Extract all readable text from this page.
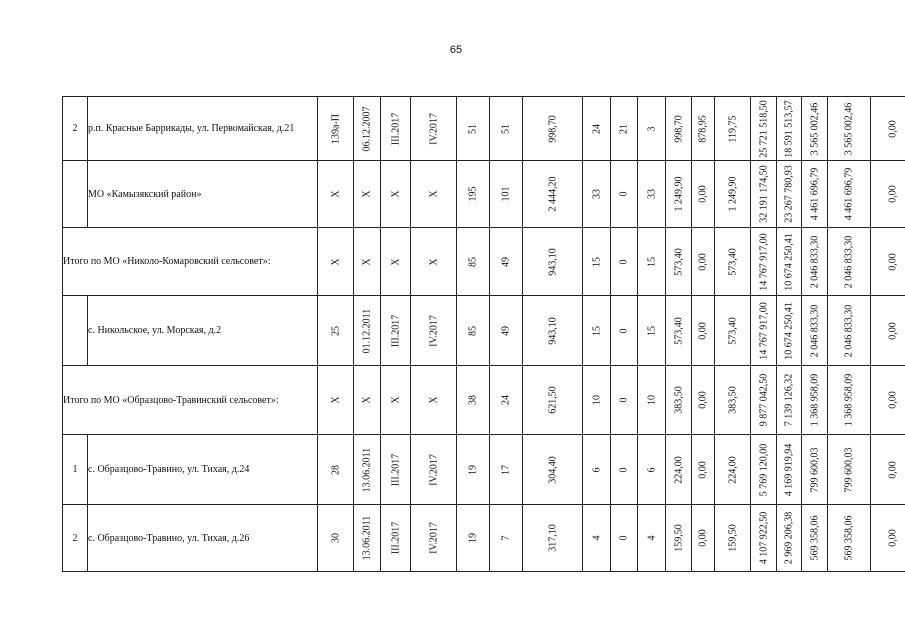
65
2	р.п. Красные Баррикады, ул. Первомайская, д.21	139а-П	06.12.2007	III.2017	IV.2017	51	51	998,70	24	21	3	998,70	878,95	119,75	25 721 518,50	18 591 513,57	3 565 002,46	3 565 002,46	0,00

	МО «Камызякский район»	X	X	X	X	195	101	2 444,20	33	0	33	1 249,90	0,00	1 249,90	32 191 174,50	23 267 780,93	4 461 696,79	4 461 696,79	0,00

Итого по МО «Николо-Комаровский сельсовет»:		X	X	X	X	85	49	943,10	15	0	15	573,40	0,00	573,40	14 767 917,00	10 674 250,41	2 046 833,30	2 046 833,30	0,00

	с. Никольское, ул. Морская, д.2	25	01.12.2011	III.2017	IV.2017	85	49	943,10	15	0	15	573,40	0,00	573,40	14 767 917,00	10 674 250,41	2 046 833,30	2 046 833,30	0,00

Итого по МО «Образцово-Травинский сельсовет»:		X	X	X	X	38	24	621,50	10	0	10	383,50	0,00	383,50	9 877 042,50	7 139 126,32	1 368 958,09	1 368 958,09	0,00

1	с. Образцово-Травино, ул. Тихая, д.24	28	13.06.2011	III.2017	IV.2017	19	17	304,40	6	0	6	224,00	0,00	224,00	5 769 120,00	4 169 919,94	799 600,03	799 600,03	0,00

2	с. Образцово-Травино, ул. Тихая, д.26	30	13.06.2011	III.2017	IV.2017	19	7	317,10	4	0	4	159,50	0,00	159,50	4 107 922,50	2 969 206,38	569 358,06	569 358,06	0,00
